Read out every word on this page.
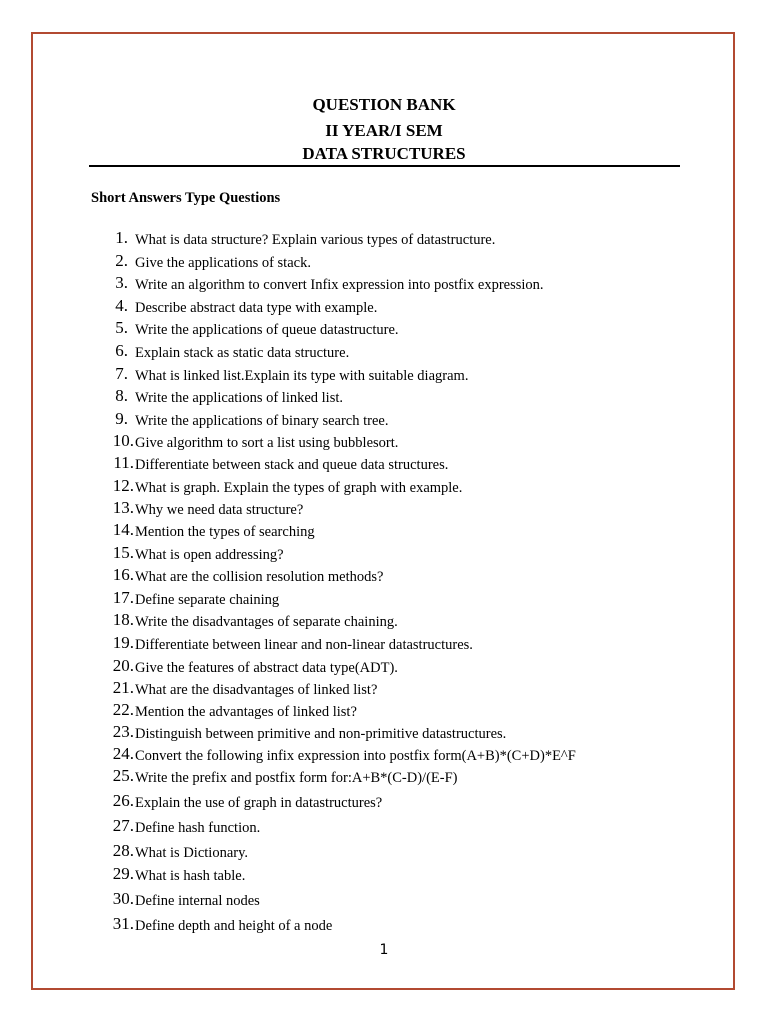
QUESTION BANK
II YEAR/I SEM
DATA STRUCTURES
Short Answers Type Questions
1. What is data structure? Explain various types of datastructure.
2. Give the applications of stack.
3. Write an algorithm to convert Infix expression into postfix expression.
4. Describe abstract data type with example.
5. Write the applications of queue datastructure.
6. Explain stack as static data structure.
7. What is linked list.Explain its type with suitable diagram.
8. Write the applications of linked list.
9. Write the applications of binary search tree.
10. Give algorithm to sort a list using bubblesort.
11. Differentiate between stack and queue data structures.
12. What is graph. Explain the types of graph with example.
13. Why we need data structure?
14. Mention the types of searching
15. What is open addressing?
16. What are the collision resolution methods?
17. Define separate chaining
18. Write the disadvantages of separate chaining.
19. Differentiate between linear and non-linear datastructures.
20. Give the features of abstract data type(ADT).
21. What are the disadvantages of linked list?
22. Mention the advantages of linked list?
23. Distinguish between primitive and non-primitive datastructures.
24. Convert the following infix expression into postfix form(A+B)*(C+D)*E^F
25. Write the prefix and postfix form for:A+B*(C-D)/(E-F)
26. Explain the use of graph in datastructures?
27. Define hash function.
28. What is Dictionary.
29. What is hash table.
30. Define internal nodes
31. Define depth and height of a node
1
